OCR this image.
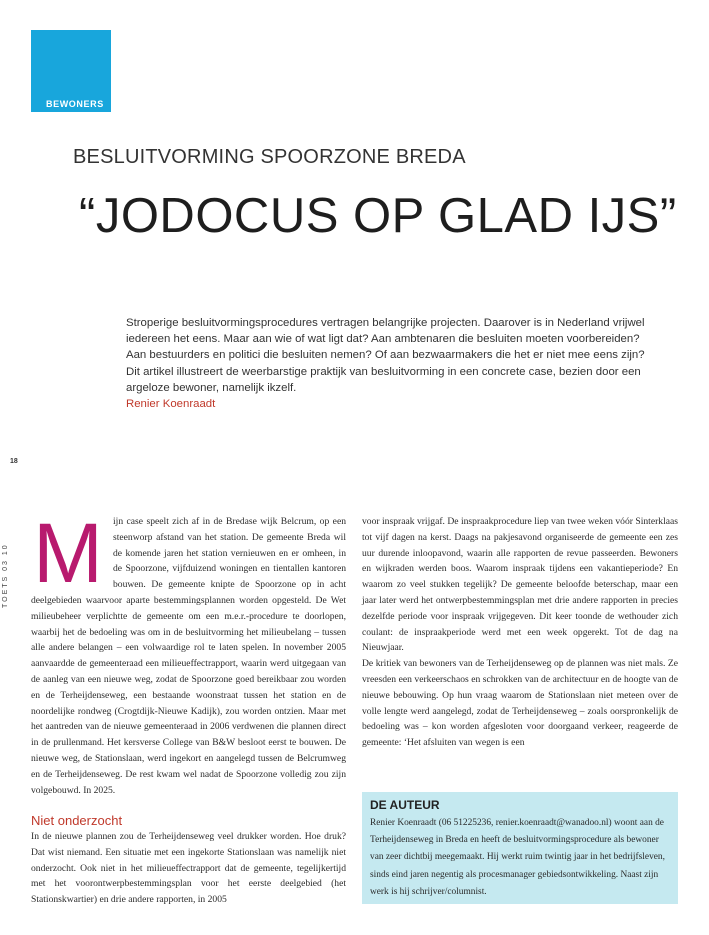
BEWONERS
BESLUITVORMING SPOORZONE BREDA
“JODOCUS OP GLAD IJS”
Stroperige besluitvormingsprocedures vertragen belangrijke projecten. Daarover is in Nederland vrijwel iedereen het eens. Maar aan wie of wat ligt dat? Aan ambtenaren die besluiten moeten voorbereiden? Aan bestuurders en politici die besluiten nemen? Of aan bezwaarmakers die het er niet mee eens zijn? Dit artikel illustreert de weerbarstige praktijk van besluitvorming in een concrete case, bezien door een argeloze bewoner, namelijk ikzelf.
Renier Koenraadt
18
TOETS 03 10 M	ijn case speelt zich af in de Bredase wijk Belcrum, op een steenworp afstand van het station. De gemeente Breda wil de komende jaren het station vernieuwen en er omheen, in de Spoorzone, vijfduizend woningen en tientallen kantoren bouwen. De gemeente knipte de Spoorzone op in acht deelgebieden waarvoor aparte bestemmingsplannen worden opgesteld. De Wet milieubeheer verplichtte de gemeente om een m.e.r.-procedure te doorlopen, waarbij het de bedoeling was om in de besluitvorming het milieubelang – tussen alle andere belangen – een volwaardige rol te laten spelen. In november 2005 aanvaardde de gemeenteraad een milieueffectrapport, waarin werd uitgegaan van de aanleg van een nieuwe weg, zodat de Spoorzone goed bereikbaar zou worden en de Terheijdenseweg, een bestaande woonstraat tussen het station en de noordelijke rondweg (Crogtdijk-Nieuwe Kadijk), zou worden ontzien. Maar met het aantreden van de nieuwe gemeenteraad in 2006 verdwenen die plannen direct in de prullenmand. Het kersverse College van B&W besloot eerst te bouwen. De nieuwe weg, de Stationslaan, werd ingekort en aangelegd tussen de Belcrumweg en de Terheijdenseweg. De rest kwam wel nadat de Spoorzone volledig zou zijn volgebouwd. In 2025.

Niet onderzocht

In de nieuwe plannen zou de Terheijdenseweg veel drukker worden. Hoe druk? Dat wist niemand. Een situatie met een ingekorte Stationslaan was namelijk niet onderzocht. Ook niet in het milieueffectrapport dat de gemeente, tegelijkertijd met het voorontwerpbestemmingsplan voor het eerste deelgebied (het Stationskwartier) en drie andere rapporten, in 2005

voor inspraak vrijgaf. De inspraakprocedure liep van twee weken vóór Sinterklaas tot vijf dagen na kerst. Daags na pakjesavond organiseerde de gemeente een zes uur durende inloopavond, waarin alle rapporten de revue passeerden. Bewoners en wijkraden werden boos. Waarom inspraak tijdens een vakantieperiode? En waarom zo veel stukken tegelijk? De gemeente beloofde beterschap, maar een jaar later werd het ontwerpbestemmingsplan met drie andere rapporten in precies dezelfde periode voor inspraak vrijgegeven. Dit keer toonde de wethouder zich coulant: de inspraakperiode werd met een week opgerekt. Tot de dag na Nieuwjaar.

De kritiek van bewoners van de Terheijdenseweg op de plannen was niet mals. Ze vreesden een verkeerschaos en schrokken van de architectuur en de hoogte van de nieuwe bebouwing. Op hun vraag waarom de Stationslaan niet meteen over de volle lengte werd aangelegd, zodat de Terheijdenseweg – zoals oorspronkelijk de bedoeling was – kon worden afgesloten voor doorgaand verkeer, reageerde de gemeente: ‘Het afsluiten van wegen is een

DE AUTEUR
Renier Koenraadt (06 51225236, renier.koenraadt@wanadoo.nl) woont aan de Terheijdenseweg in Breda en heeft de besluitvormingsprocedure als bewoner van zeer dichtbij meegemaakt. Hij werkt ruim twintig jaar in het bedrijfsleven, sinds eind jaren negentig als procesmanager gebiedsontwikkeling. Naast zijn werk is hij schrijver/columnist.
